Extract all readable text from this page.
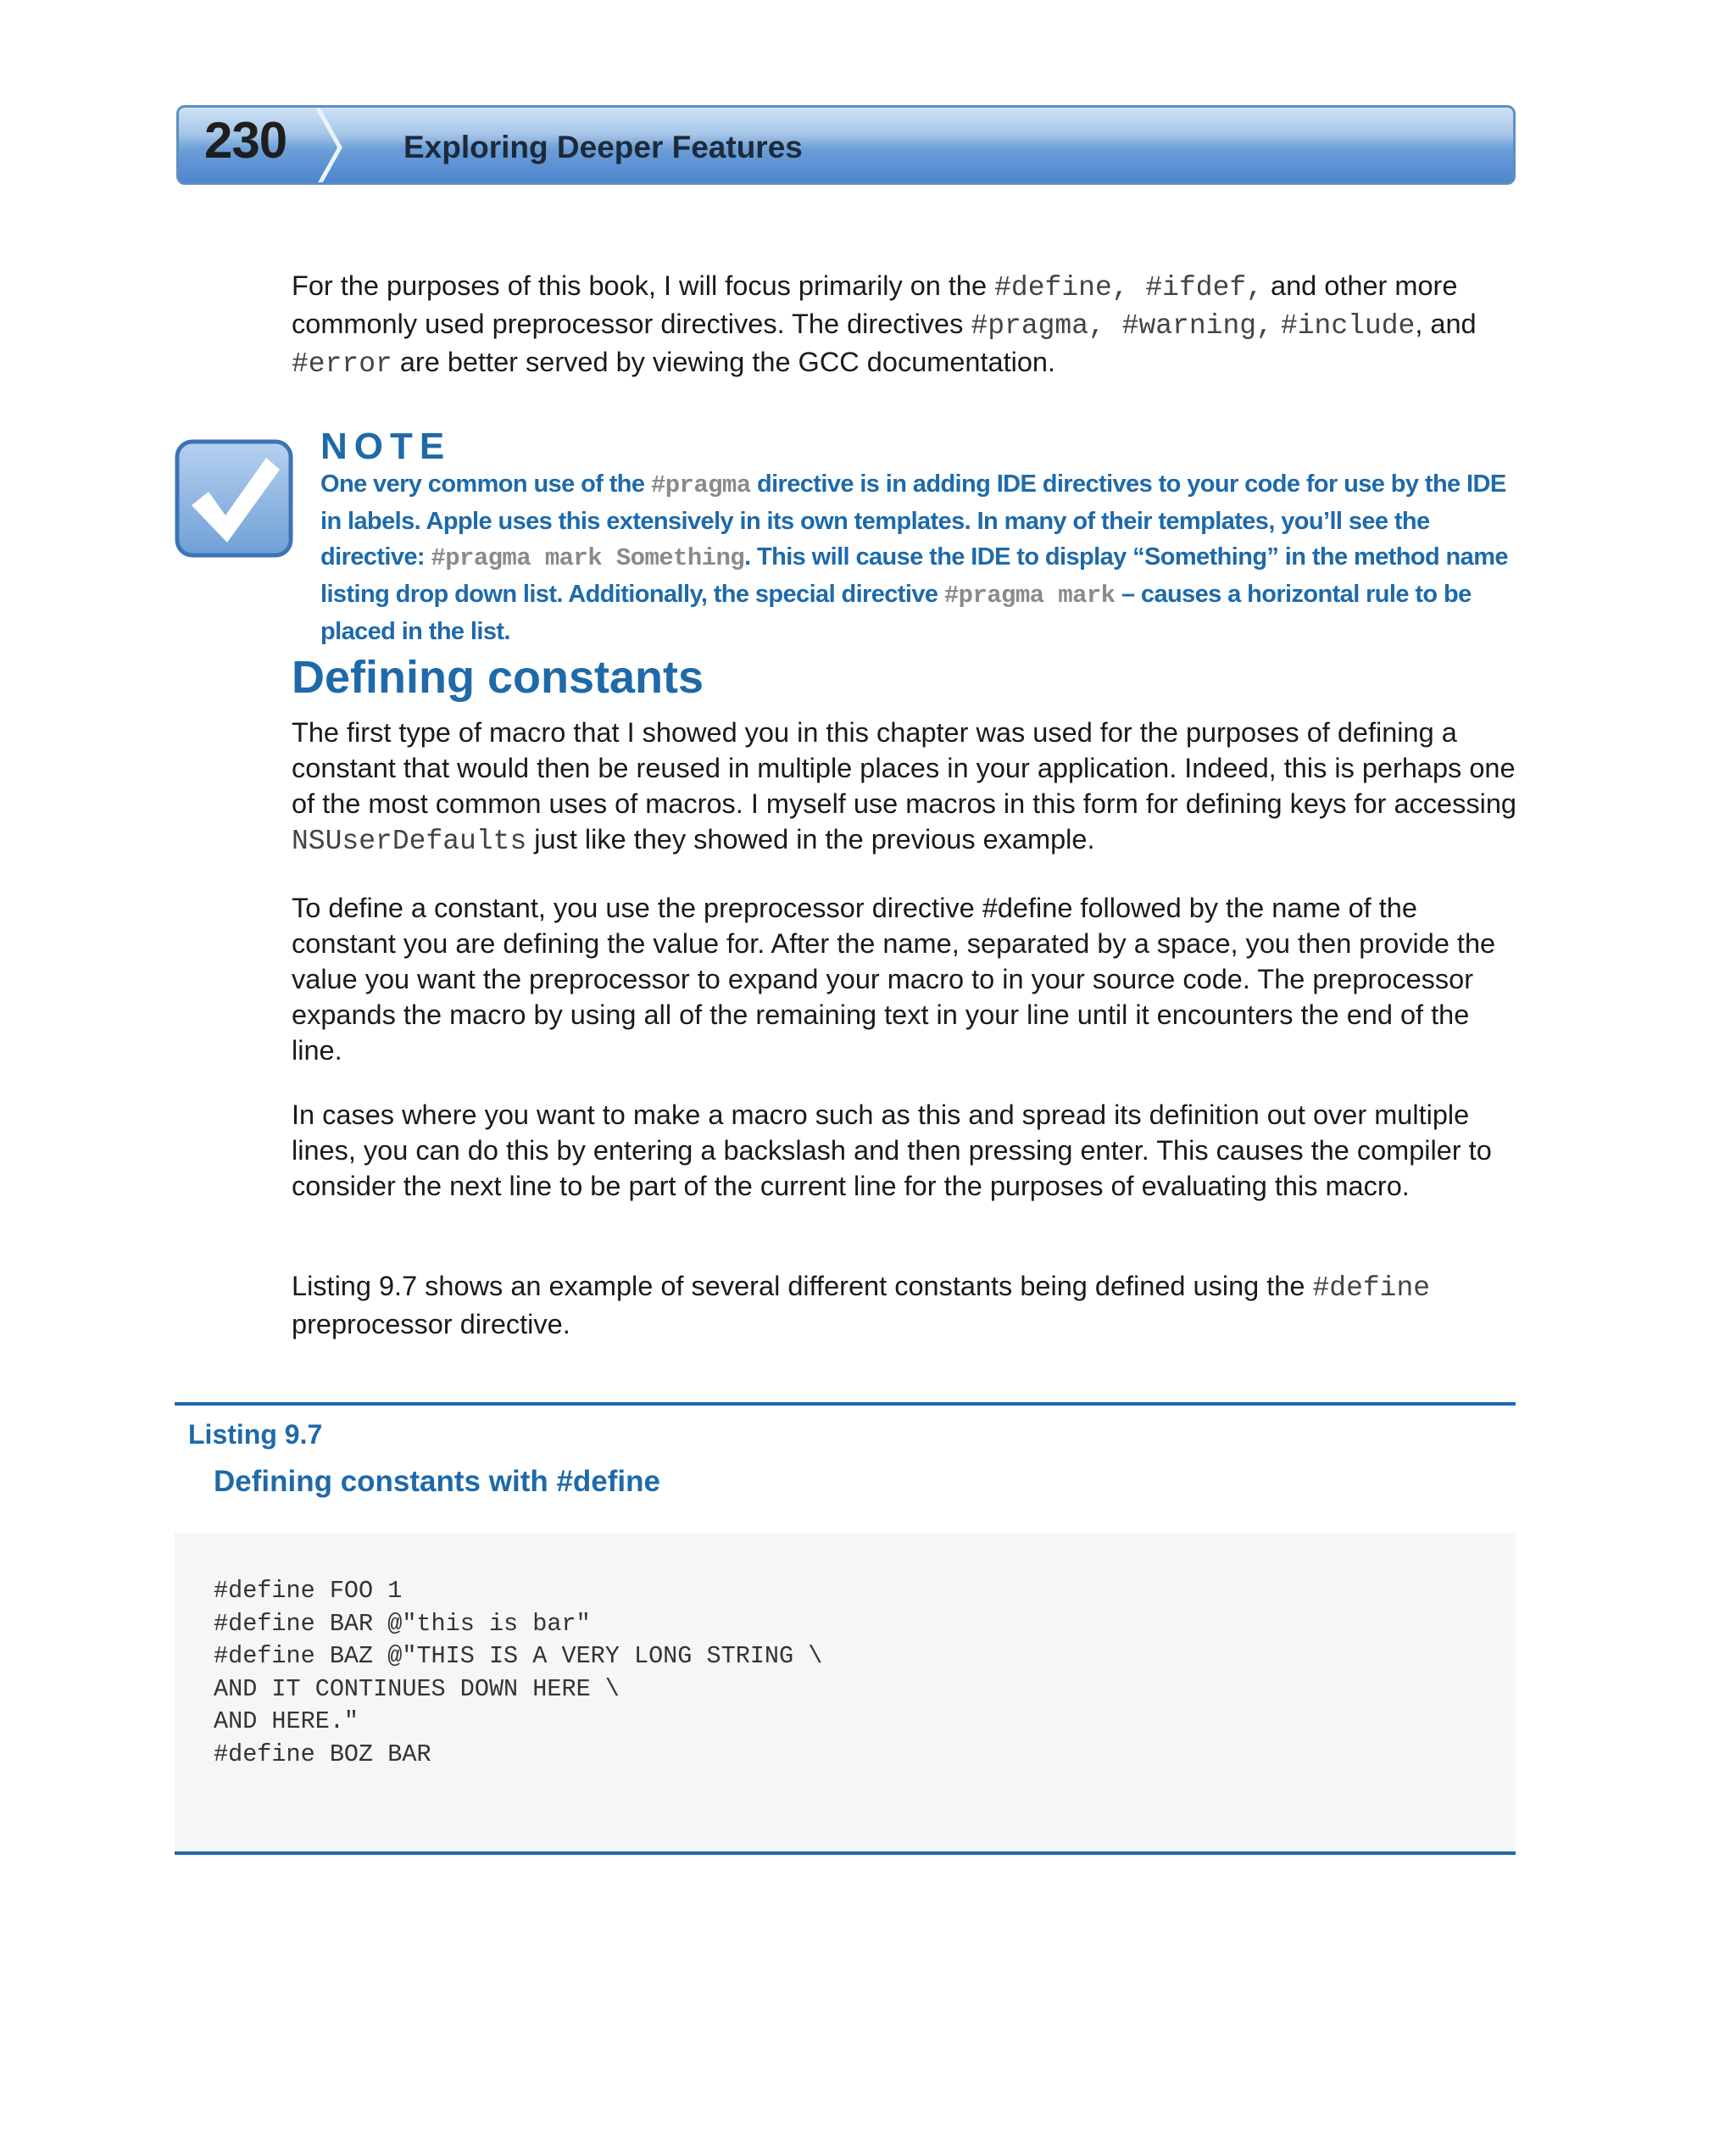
230	Exploring Deeper Features
For the purposes of this book, I will focus primarily on the #define, #ifdef, and other more commonly used preprocessor directives. The directives #pragma, #warning, #include, and #error are better served by viewing the GCC documentation.
NOTE
One very common use of the #pragma directive is in adding IDE directives to your code for use by the IDE in labels. Apple uses this extensively in its own templates. In many of their templates, you’ll see the directive: #pragma mark Something. This will cause the IDE to display “Something” in the method name listing drop down list. Additionally, the special directive #pragma mark – causes a horizontal rule to be placed in the list.
Defining constants
The first type of macro that I showed you in this chapter was used for the purposes of defining a constant that would then be reused in multiple places in your application. Indeed, this is perhaps one of the most common uses of macros. I myself use macros in this form for defining keys for accessing NSUserDefaults just like they showed in the previous example.
To define a constant, you use the preprocessor directive #define followed by the name of the constant you are defining the value for. After the name, separated by a space, you then provide the value you want the preprocessor to expand your macro to in your source code. The preprocessor expands the macro by using all of the remaining text in your line until it encounters the end of the line.
In cases where you want to make a macro such as this and spread its definition out over multiple lines, you can do this by entering a backslash and then pressing enter. This causes the compiler to consider the next line to be part of the current line for the purposes of evaluating this macro.
Listing 9.7 shows an example of several different constants being defined using the #define preprocessor directive.
Listing 9.7
Defining constants with #define
#define FOO 1
#define BAR @"this is bar"
#define BAZ @"THIS IS A VERY LONG STRING \
AND IT CONTINUES DOWN HERE \
AND HERE."
#define BOZ BAR
